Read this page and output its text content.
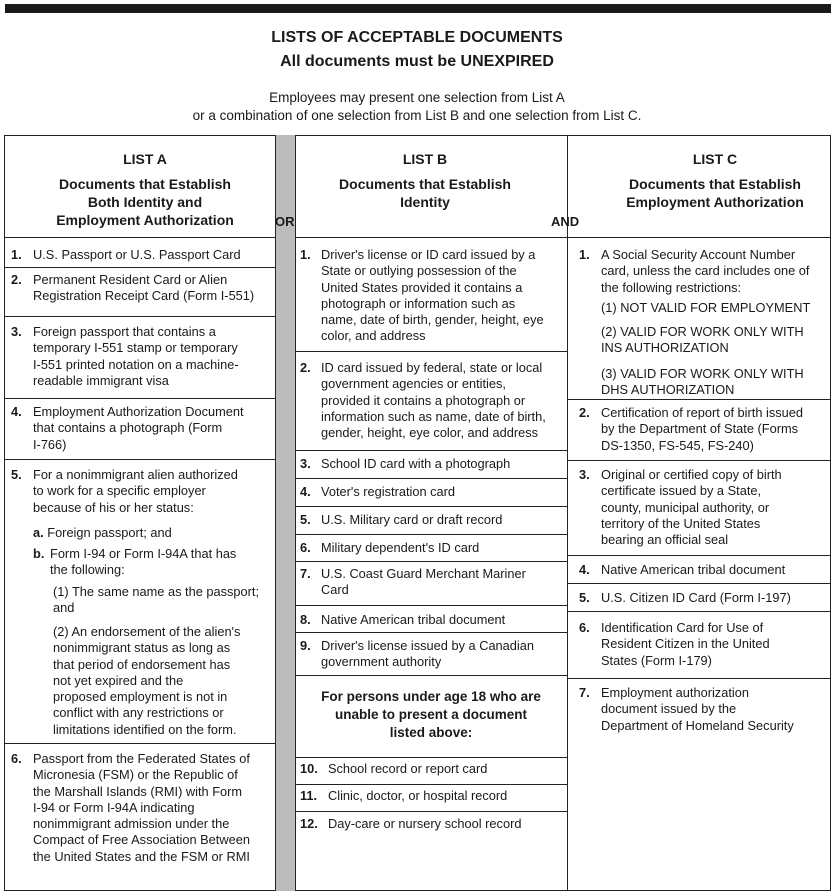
LISTS OF ACCEPTABLE DOCUMENTS
All documents must be UNEXPIRED
Employees may present one selection from List A
or a combination of one selection from List B and one selection from List C.
LIST A
Documents that Establish
Both Identity and
Employment Authorization
LIST B
Documents that Establish
Identity
LIST C
Documents that Establish
Employment Authorization
OR	AND
1. U.S. Passport or U.S. Passport Card
2. Permanent Resident Card or Alien
Registration Receipt Card (Form I-551)
3. Foreign passport that contains a
temporary I-551 stamp or temporary
I-551 printed notation on a machine-
readable immigrant visa
4. Employment Authorization Document
that contains a photograph (Form
I-766)
5. For a nonimmigrant alien authorized
to work for a specific employer
because of his or her status:
6. Passport from the Federated States of
Micronesia (FSM) or the Republic of
the Marshall Islands (RMI) with Form
I-94 or Form I-94A indicating
nonimmigrant admission under the
Compact of Free Association Between
the United States and the FSM or RMI
a. Foreign passport; and
b. Form I-94 or Form I-94A that has
the following:
(1) The same name as the passport;
and
(2) An endorsement of the alien's
nonimmigrant status as long as
that period of endorsement has
not yet expired and the
proposed employment is not in
conflict with any restrictions or
limitations identified on the form.
1. Driver's license or ID card issued by a
State or outlying possession of the
United States provided it contains a
photograph or information such as
name, date of birth, gender, height, eye
color, and address
2. ID card issued by federal, state or local
government agencies or entities,
provided it contains a photograph or
information such as name, date of birth,
gender, height, eye color, and address
3. School ID card with a photograph
4. Voter's registration card
5. U.S. Military card or draft record
6. Military dependent's ID card
7. U.S. Coast Guard Merchant Mariner
Card
8. Native American tribal document
9. Driver's license issued by a Canadian
government authority
For persons under age 18 who are
unable to present a document
listed above:
10. School record or report card
11. Clinic, doctor, or hospital record
12. Day-care or nursery school record
1. A Social Security Account Number
card, unless the card includes one of
the following restrictions:
2. Certification of report of birth issued
by the Department of State (Forms
DS-1350, FS-545, FS-240)
3. Original or certified copy of birth
certificate issued by a State,
county, municipal authority, or
territory of the United States
bearing an official seal
4. Native American tribal document
5. U.S. Citizen ID Card (Form I-197)
6. Identification Card for Use of
Resident Citizen in the United
States (Form I-179)
7. Employment authorization
document issued by the
Department of Homeland Security
(1) NOT VALID FOR EMPLOYMENT
(2) VALID FOR WORK ONLY WITH
INS AUTHORIZATION
(3) VALID FOR WORK ONLY WITH
DHS AUTHORIZATION
